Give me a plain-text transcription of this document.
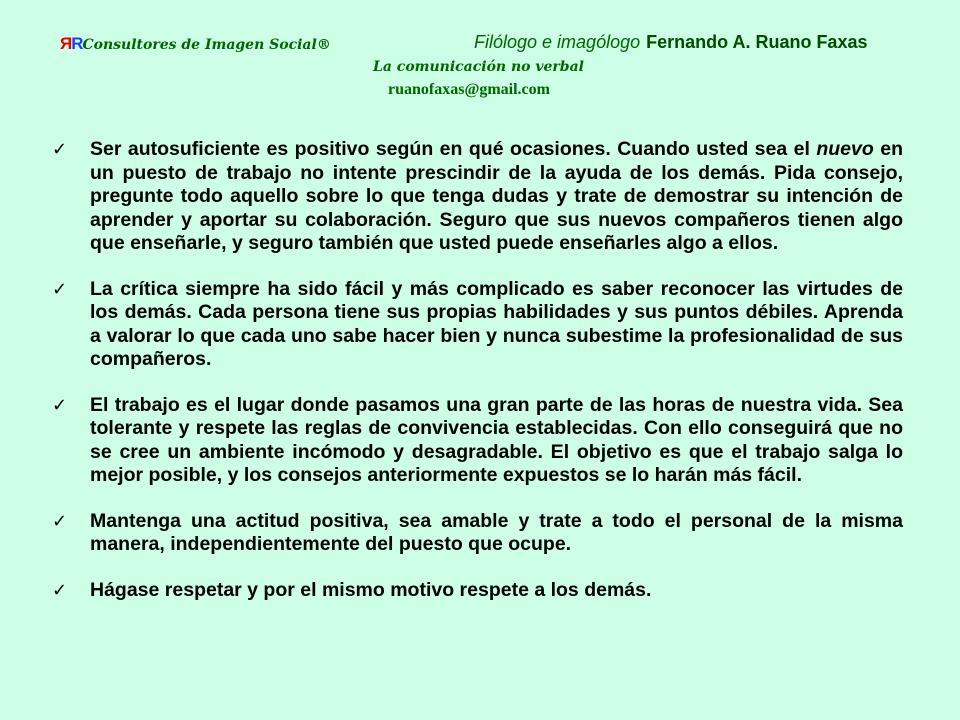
ЯRConsultores de Imagen Social®	Filólogo e imagólogo Fernando A. Ruano Faxas
La comunicación no verbal
ruanofaxas@gmail.com
✓	Ser autosuficiente es positivo según en qué ocasiones. Cuando usted sea el nuevo en un puesto de trabajo no intente prescindir de la ayuda de los demás. Pida consejo, pregunte todo aquello sobre lo que tenga dudas y trate de demostrar su intención de aprender y aportar su colaboración. Seguro que sus nuevos compañeros tienen algo que enseñarle, y seguro también que usted puede enseñarles algo a ellos.
✓	La crítica siempre ha sido fácil y más complicado es saber reconocer las virtudes de los demás. Cada persona tiene sus propias habilidades y sus puntos débiles. Aprenda a valorar lo que cada uno sabe hacer bien y nunca subestime la profesionalidad de sus compañeros.
✓	El trabajo es el lugar donde pasamos una gran parte de las horas de nuestra vida. Sea tolerante y respete las reglas de convivencia establecidas. Con ello conseguirá que no se cree un ambiente incómodo y desagradable. El objetivo es que el trabajo salga lo mejor posible, y los consejos anteriormente expuestos se lo harán más fácil.
✓	Mantenga una actitud positiva, sea amable y trate a todo el personal de la misma manera, independientemente del puesto que ocupe.
✓	Hágase respetar y por el mismo motivo respete a los demás.
